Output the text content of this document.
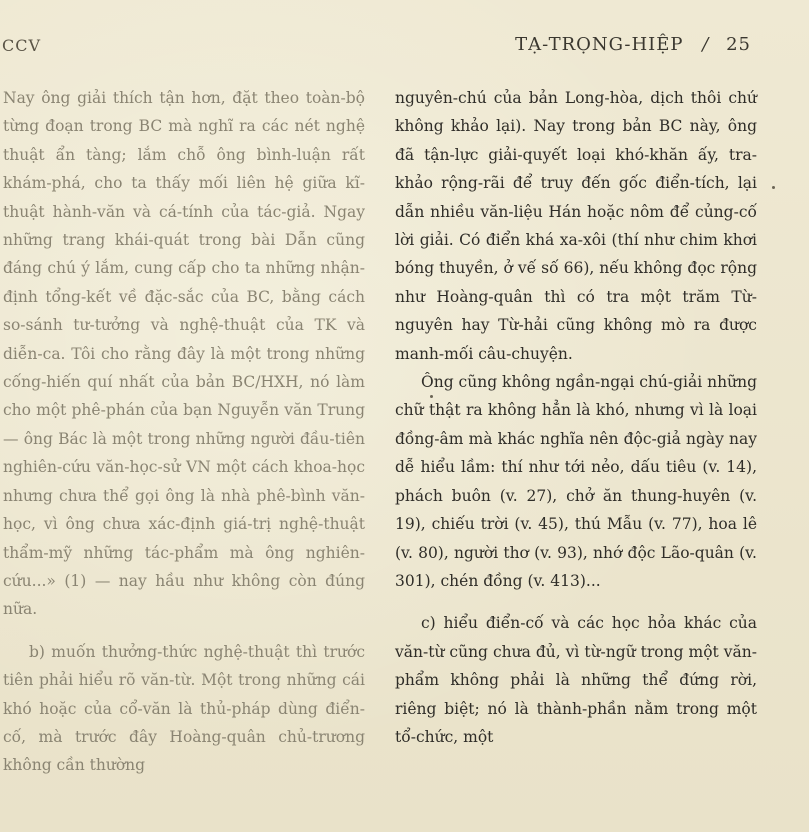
CCV	TẠ-TRỌNG-HIỆP / 25

Nay ông giải thích tận hơn, đặt theo toàn-bộ từng đoạn trong BC mà nghĩ ra các nét nghệ thuật ẩn tàng; lắm chỗ ông bình-luận rất khám-phá, cho ta thấy mối liên hệ giữa kĩ-thuật hành-văn và cá-tính của tác-giả. Ngay những trang khái-quát trong bài Dẫn cũng đáng chú ý lắm, cung cấp cho ta những nhận-định tổng-kết về đặc-sắc của BC, bằng cách so-sánh tư-tưởng và nghệ-thuật của TK và diễn-ca. Tôi cho rằng đây là một trong những cống-hiến quí nhất của bản BC/HXH, nó làm cho một phê-phán của bạn Nguyễn văn Trung — ông Bác là một trong những người đầu-tiên nghiên-cứu văn-học-sử VN một cách khoa-học nhưng chưa thể gọi ông là nhà phê-bình văn-học, vì ông chưa xác-định giá-trị nghệ-thuật thẩm-mỹ những tác-phẩm mà ông nghiên-cứu...» (1) — nay hầu như không còn đúng nữa.

b) muốn thưởng-thức nghệ-thuật thì trước tiên phải hiểu rõ văn-từ. Một trong những cái khó hoặc của cổ-văn là thủ-pháp dùng điển-cố, mà trước đây Hoàng-quân chủ-trương không cần thường

nguyên-chú của bản Long-hòa, dịch thôi chứ không khảo lại). Nay trong bản BC này, ông đã tận-lực giải-quyết loại khó-khăn ấy, tra-khảo rộng-rãi để truy đến gốc điển-tích, lại dẫn nhiều văn-liệu Hán hoặc nôm để củng-cố lời giải. Có điển khá xa-xôi (thí như chim khơi bóng thuyền, ở vế số 66), nếu không đọc rộng như Hoàng-quân thì có tra một trăm Từ-nguyên hay Từ-hải cũng không mò ra được manh-mối câu-chuyện.

Ông cũng không ngần-ngại chú-giải những chữ thật ra không hẳn là khó, nhưng vì là loại đồng-âm mà khác nghĩa nên độc-giả ngày nay dễ hiểu lầm: thí như tới nẻo, dấu tiêu (v. 14), phách buôn (v. 27), chở ăn thung-huyên (v. 19), chiếu trời (v. 45), thú Mẫu (v. 77), hoa lê (v. 80), người thơ (v. 93), nhớ độc Lão-quân (v. 301), chén đồng (v. 413)...

c) hiểu điển-cố và các học hỏa khác của văn-từ cũng chưa đủ, vì từ-ngữ trong một văn-phẩm không phải là những thể đứng rời, riêng biệt; nó là thành-phần nằm trong một tổ-chức, một
